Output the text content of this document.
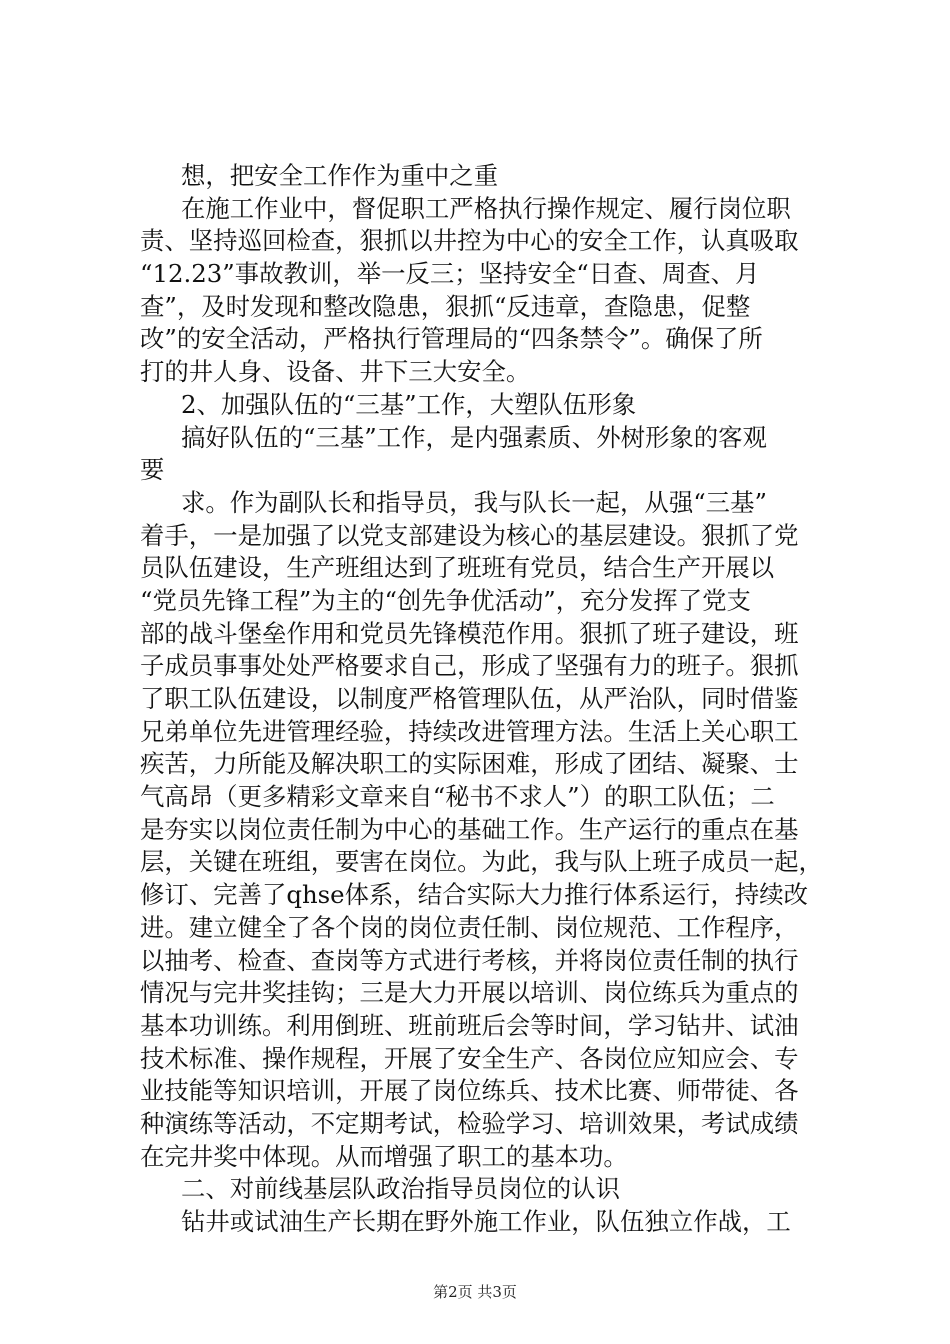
想，把安全工作作为重中之重
在施工作业中，督促职工严格执行操作规定、履行岗位职
责、坚持巡回检查，狠抓以井控为中心的安全工作，认真吸取
“12.23”事故教训，举一反三；坚持安全“日查、周查、月
查”，及时发现和整改隐患，狠抓“反违章，查隐患，促整
改”的安全活动，严格执行管理局的“四条禁令”。确保了所
打的井人身、设备、井下三大安全。
2、加强队伍的“三基”工作，大塑队伍形象
搞好队伍的“三基”工作，是内强素质、外树形象的客观
要
求。作为副队长和指导员，我与队长一起，从强“三基”
着手，一是加强了以党支部建设为核心的基层建设。狠抓了党
员队伍建设，生产班组达到了班班有党员，结合生产开展以
“党员先锋工程”为主的“创先争优活动”，充分发挥了党支
部的战斗堡垒作用和党员先锋模范作用。狠抓了班子建设，班
子成员事事处处严格要求自己，形成了坚强有力的班子。狠抓
了职工队伍建设，以制度严格管理队伍，从严治队，同时借鉴
兄弟单位先进管理经验，持续改进管理方法。生活上关心职工
疾苦，力所能及解决职工的实际困难，形成了团结、凝聚、士
气高昂（更多精彩文章来自“秘书不求人”）的职工队伍；二
是夯实以岗位责任制为中心的基础工作。生产运行的重点在基
层，关键在班组，要害在岗位。为此，我与队上班子成员一起，
修订、完善了qhse体系，结合实际大力推行体系运行，持续改
进。建立健全了各个岗的岗位责任制、岗位规范、工作程序，
以抽考、检查、查岗等方式进行考核，并将岗位责任制的执行
情况与完井奖挂钩；三是大力开展以培训、岗位练兵为重点的
基本功训练。利用倒班、班前班后会等时间，学习钻井、试油
技术标准、操作规程，开展了安全生产、各岗位应知应会、专
业技能等知识培训，开展了岗位练兵、技术比赛、师带徒、各
种演练等活动，不定期考试，检验学习、培训效果，考试成绩
在完井奖中体现。从而增强了职工的基本功。
二、对前线基层队政治指导员岗位的认识
钻井或试油生产长期在野外施工作业，队伍独立作战，工
第2页 共3页
